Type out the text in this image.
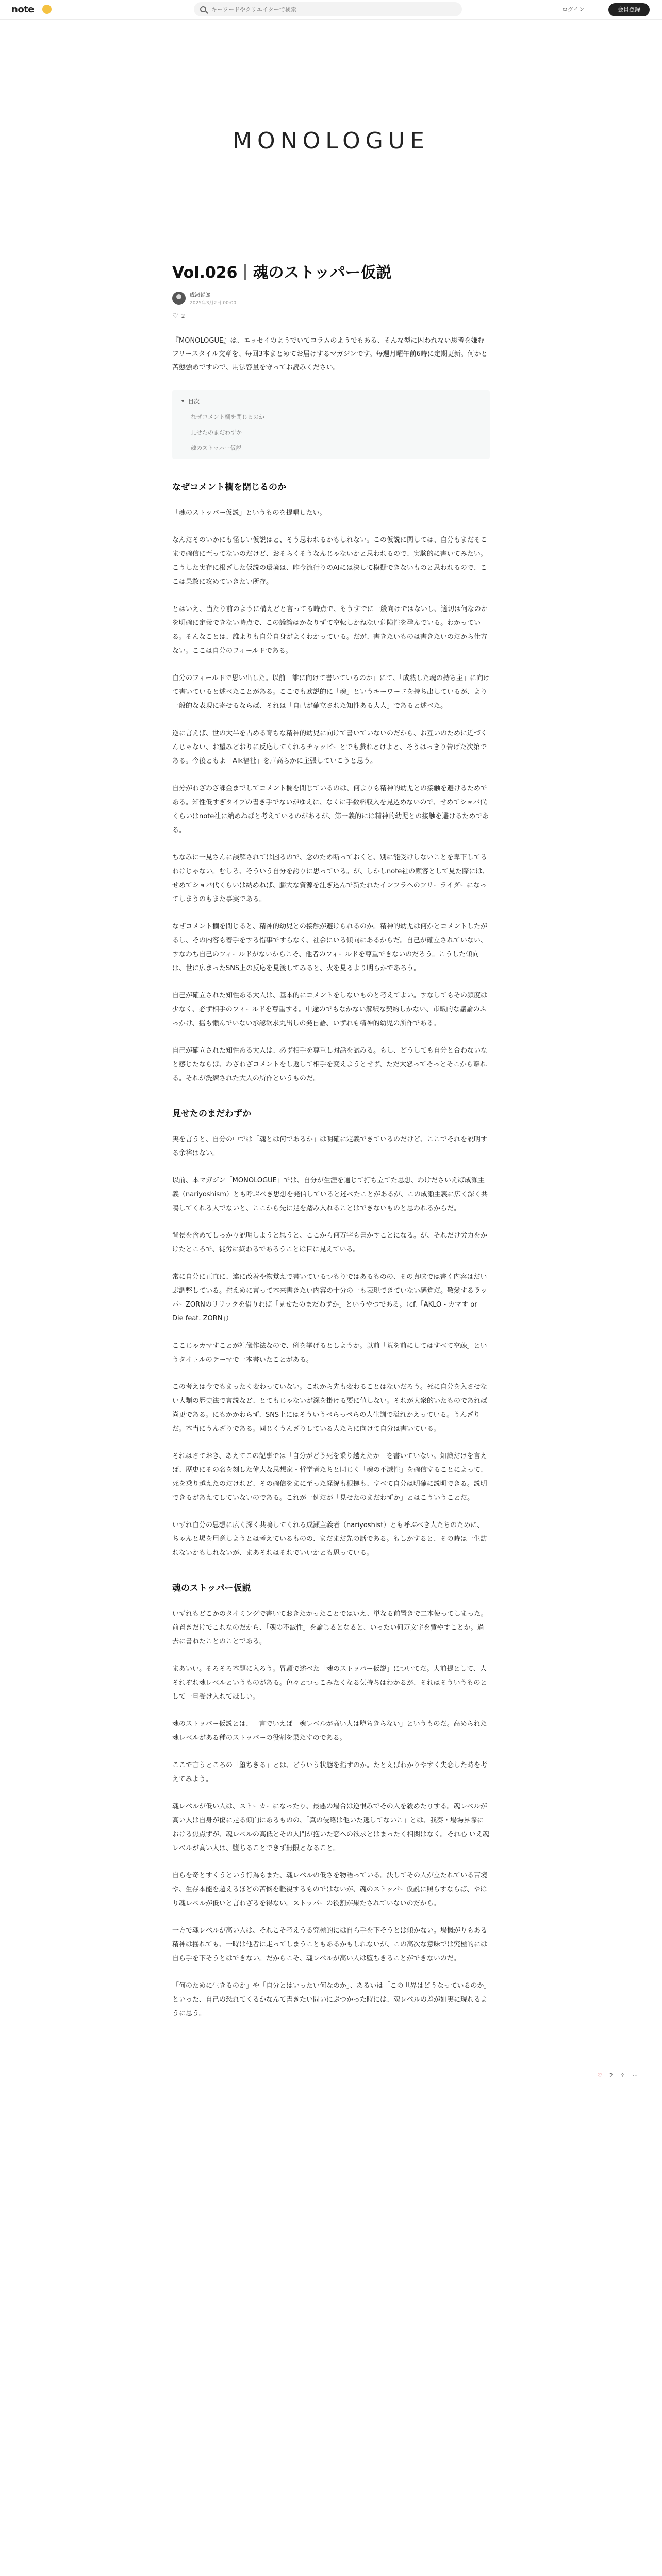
note
キーワードやクリエイターで検索	ログイン	会員登録
MONOLOGUE
Vol.026｜魂のストッパー仮説
成瀬哲郎
2025年3月2日 00:00
♡ 2

『MONOLOGUE』は、エッセイのようでいてコラムのようでもある、そんな型に囚われない思考を嫌むフリースタイル文章を、毎回3本まとめてお届けするマガジンです。毎週月曜午前6時に定期更新。何かと苦態強めですので、用法容量を守ってお読みください。

▾ 目次
なぜコメント欄を閉じるのか
見せたのまだわずか
魂のストッパー仮説
なぜコメント欄を閉じるのか

「魂のストッパー仮説」というものを提唱したい。

なんだそのいかにも怪しい仮説はと、そう思われるかもしれない。この仮説に関しては、自分もまだそこまで確信に至ってないのだけど、おそらくそうなんじゃないかと思われるので、実験的に書いてみたい。こうした実存に根ざした仮説の環境は、昨今流行りのAIには決して模擬できないものと思われるので、ここは果敢に攻めていきたい所存。

とはいえ、当たり前のように構えどと言ってる時点で、もうすでに一般向けではないし、適切は何なのかを明確に定義できない時点で、この議論はかなりずて空転しかねない危険性を孕んでいる。わかっている。そんなことは、誰よりも自分自身がよくわかっている。だが、書きたいものは書きたいのだから仕方ない。ここは自分のフィールドである。

自分のフィールドで思い出した。以前「誰に向けて書いているのか」にて、「成熟した魂の持ち主」に向けて書いていると述べたことがある。ここでも欧説的に「魂」というキーワードを持ち出しているが、より一般的な表現に寄せるならば、それは「自己が確立された知性ある大人」であると述べた。

逆に言えば、世の大半を占める育ちな精神的幼児に向けて書いていないのだから、お互いのために近づくんじゃない、お望みどおりに反応してくれるチャッピーとでも戯れとけよと、そうはっきり告げた次第である。今後ともよ「Alk福祉」を声高らかに主張していこうと思う。

自分がわざわざ課金までしてコメント欄を閉じているのは、何よりも精神的幼児との接触を避けるためである。知性低すぎタイプの書き手でないがゆえに、なくに手数料収入を見込めないので、せめてショバ代くらいはnote社に納めねばと考えているのがあるが、第一義的には精神的幼児との接触を避けるためである。

ちなみに一見さんに誤解されては困るので、念のため断っておくと、別に能受けしないことを卑下してるわけじゃない。むしろ、そういう自分を誇りに思っている。が、しかしnote社の顧客として見た際には、せめてショバ代くらいは納めねば、膨大な資源を注ぎ込んで新たれたインフラへのフリーライダーになってしまうのもまた事実である。

なぜコメント欄を閉じると、精神的幼児との接触が避けられるのか。精神的幼児は何かとコメントしたがるし、その内容も着手をする惜事ですらなく、社会にいる傾向にあるからだ。自己が確立されていない、すなわち自己のフィールドがないからこそ、他者のフィールドを尊重できないのだろう。こうした傾向は、世に広まったSNS上の反応を見渡してみると、火を見るより明らかであろう。

自己が確立された知性ある大人は、基本的にコメントをしないものと考えてよい。すなしてもその頻度は少なく、必ず相手のフィールドを尊重する。中途のでもなかない解釈な契約しかない、市販的な議論のふっかけ、揺も懶んでいない承認欲求丸出しの発自語、いずれも精神的幼児の所作である。

自己が確立された知性ある大人は、必ず相手を尊重し対話を試みる。もし、どうしても自分と合わないなと感じたならば、わざわざコメントをし返して相手を変えようとせず、ただ大怒ってそっとそこから離れる。それが洗練された大人の所作というものだ。

見せたのまだわずか

実を言うと、自分の中では「魂とは何であるか」は明確に定義できているのだけど、ここでそれを説明する余裕はない。

以前、本マガジン「MONOLOGUE」では、自分が生涯を通じて打ち立てた思想、わけださいえば成瀬主義（nariyoshism）とも呼ぶべき思想を発信していると述べたことがあるが、この成瀬主義に広く深く共鳴してくれる人でないと、ここから先に足を踏み入れることはできないものと思われるからだ。

背景を含めてしっかり説明しようと思うと、ここから何万字も書かすことになる。が、それだけ労力をかけたところで、徒労に終わるであろうことは目に見えている。

常に自分に正直に、違に改着や物覚えで書いているつもりではあるものの、その真味では書く内容はだいぶ調整している。控えめに言って本来書きたい内容の十分の一も表現できていない感覚だ。敬愛するラッパーZORNのリリックを借りれば「見せたのまだわずか」というやつである。（cf.「AKLO - カマす or Die feat. ZORN」）

ここじゃカマすことが礼儀作法なので、例を挙げるとしようか。以前「荒を前にしてはすべて空疎」というタイトルのテーマで一本書いたことがある。

この考えは今でもまったく変わっていない。これから先も変わることはないだろう。死に自分を入させない大類の歴史法で言説など、とてもじゃないが深を掛ける要に値しない。それが大衆的いたものであれば尚更である。にもかかわらず、SNS上にはそういうペらっぺらの人生訓で溢れかえっている。うんざりだ。本当にうんざりである。同じくうんざりしている人たちに向けて自分は書いている。

それはさておき、あえてこの記事では「自分がどう死を乗り越えたか」を書いていない。知識だけを言えば、歴史にその名を刻した偉大な思想家・哲学者たちと同じく「魂の不滅性」を確信することによって、死を乗り越えたのだけれど、その確信をまに至った経緯も根拠も、すべて自分は明確に説明できる。説明できるがあえてしていないのである。これが一例だが「見せたのまだわずか」とはこういうことだ。

いずれ自分の思想に広く深く共鳴してくれる成瀬主義者（nariyoshist）とも呼ぶべき人たちのために、ちゃんと場を用意しようとは考えているものの、まだまだ先の話である。もしかすると、その時は一生訪れないかもしれないが、まあそれはそれでいいかとも思っている。

魂のストッパー仮説

いずれもどこかのタイミングで書いておきたかったことではいえ、単なる前置きで二本使ってしまった。前置きだけでこれなのだから、「魂の不滅性」を論じるとなると、いったい何万文字を費やすことか。過去に書ねたことのことである。

まあいい。そろそろ本題に入ろう。冒頭で述べた「魂のストッパー仮説」についてだ。大前提として、人それぞれ魂レベルというものがある。色々とつっこみたくなる気持ちはわかるが、それはそういうものとして一旦受け入れてほしい。

魂のストッパー仮説とは、一言でいえば「魂レベルが高い人は堕ちきらない」というものだ。高められた魂レベルがある種のストッパーの役割を果たすのである。

ここで言うところの「堕ちきる」とは、どういう状態を指すのか。たとえばわかりやすく失恋した時を考えてみよう。

魂レベルが低い人は、ストーカーになったり、最悪の場合は逆恨みでその人を殺めたりする。魂レベルが高い人は自身が傷に走る傾向にあるものの、「真の侵略は他いた逃してないこ」とは、我奏・場場界際における焦点ずが、魂レベルの高低とその人間が抱いた恋への欲求とはまったく相関はなく。それ心 いえ魂レベルが高い人は、堕ちることできず無限となること。

自らを奇とすくうという行為もまた、魂レベルの低さを物語っている。決してその人が立たれている苦境や、生存本能を超えるほどの苦悩を軽視するものではないが、魂のストッパー仮説に照らすならば、やはり魂レベルが低いと言わざるを得ない。ストッパーの役割が果たされていないのだから。

一方で魂レベルが高い人は、それこそ考えうる究極的には自ら手を下そうとは傾かない。場概がりもある精神は揺れても、一時は他者に走ってしまうこともあるかもしれないが、この高次な意味では究極的には自ら手を下そうとはできない。だからこそ、魂レベルが高い人は堕ちきることができないのだ。

「何のために生きるのか」や「自分とはいったい何なのか」、あるいは「この世界はどうなっているのか」といった、自己の恐れてくるかなんて書きたい問いにぶつかった時には、魂レベルの差が如実に現れるように思う。

♡ 2 ⇪ ⋯
